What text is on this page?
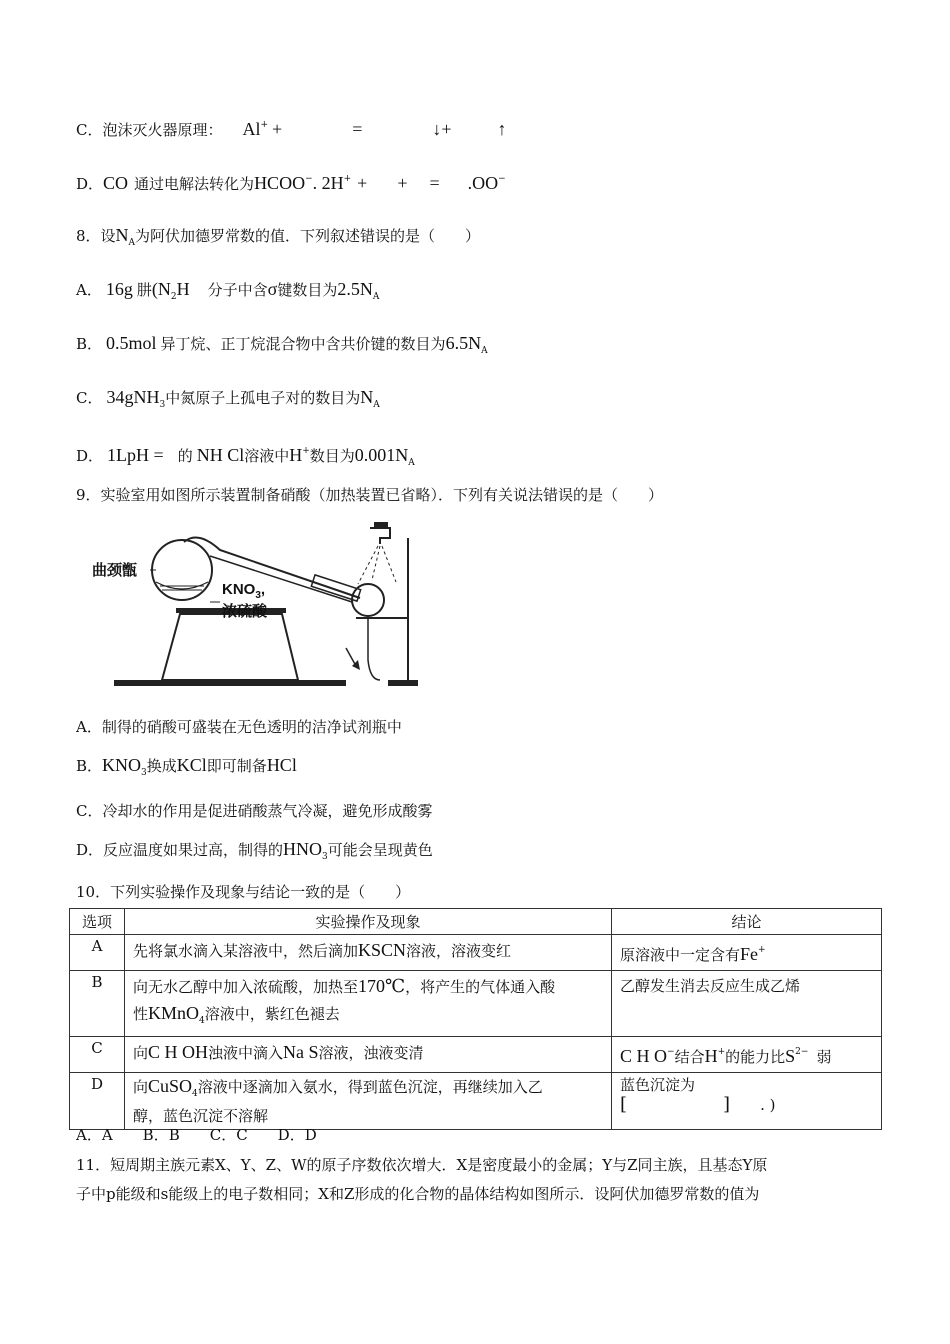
C．泡沫灭火器原理： Al+ +	=	↓+	↑
D．CO 通过电解法转化为HCOO−. 2H+ + + = .OO−
8．设$N_A$为阿伏加德罗常数的值．下列叙述错误的是（　　）
A． 16g 肼($N_2H$ 分子中含σ键数目为$2.5N_A$
B． 0.5mol 异丁烷、正丁烷混合物中含共价键的数目为$6.5N_A$
C． 34gNH$_3$中氮原子上孤电子对的数目为$N_A$
D． 1LpH = 的 NH Cl溶液中H+数目为$0.001N_A$
9．实验室用如图所示装置制备硝酸（加热装置已省略）．下列有关说法错误的是（　　）
曲颈甑
$KNO_3$,
浓硫酸
A．制得的硝酸可盛装在无色透明的洁净试剂瓶中
B．$KNO_3$换成KCl即可制备HCl
C．冷却水的作用是促进硝酸蒸气冷凝，避免形成酸雾
D．反应温度如果过高，制得的$HNO_3$可能会呈现黄色
10．下列实验操作及现象与结论一致的是（　　）
选项	实验操作及现象	结论
A	先将氯水滴入某溶液中，然后滴加KSCN溶液，溶液变红	原溶液中一定含有Fe+
B	向无水乙醇中加入浓硫酸，加热至170℃，将产生的气体通入酸
性KMnO$_4$溶液中，紫红色褪去	乙醇发生消去反应生成乙烯
C	向C H OH浊液中滴入Na S溶液，浊液变清	C H O−结合H+的能力比$S^{2-}$ 弱
D	向CuSO$_4$溶液中逐滴加入氨水，得到蓝色沉淀，再继续加入乙
醇，蓝色沉淀不溶解	蓝色沉淀为
[ ] . )
A．A　　B．B　　C．C　　D．D
11．短周期主族元素X、Y、Z、W的原子序数依次增大．X是密度最小的金属；Y与Z同主族，且基态Y原
子中p能级和s能级上的电子数相同；X和Z形成的化合物的晶体结构如图所示．设阿伏加德罗常数的值为
